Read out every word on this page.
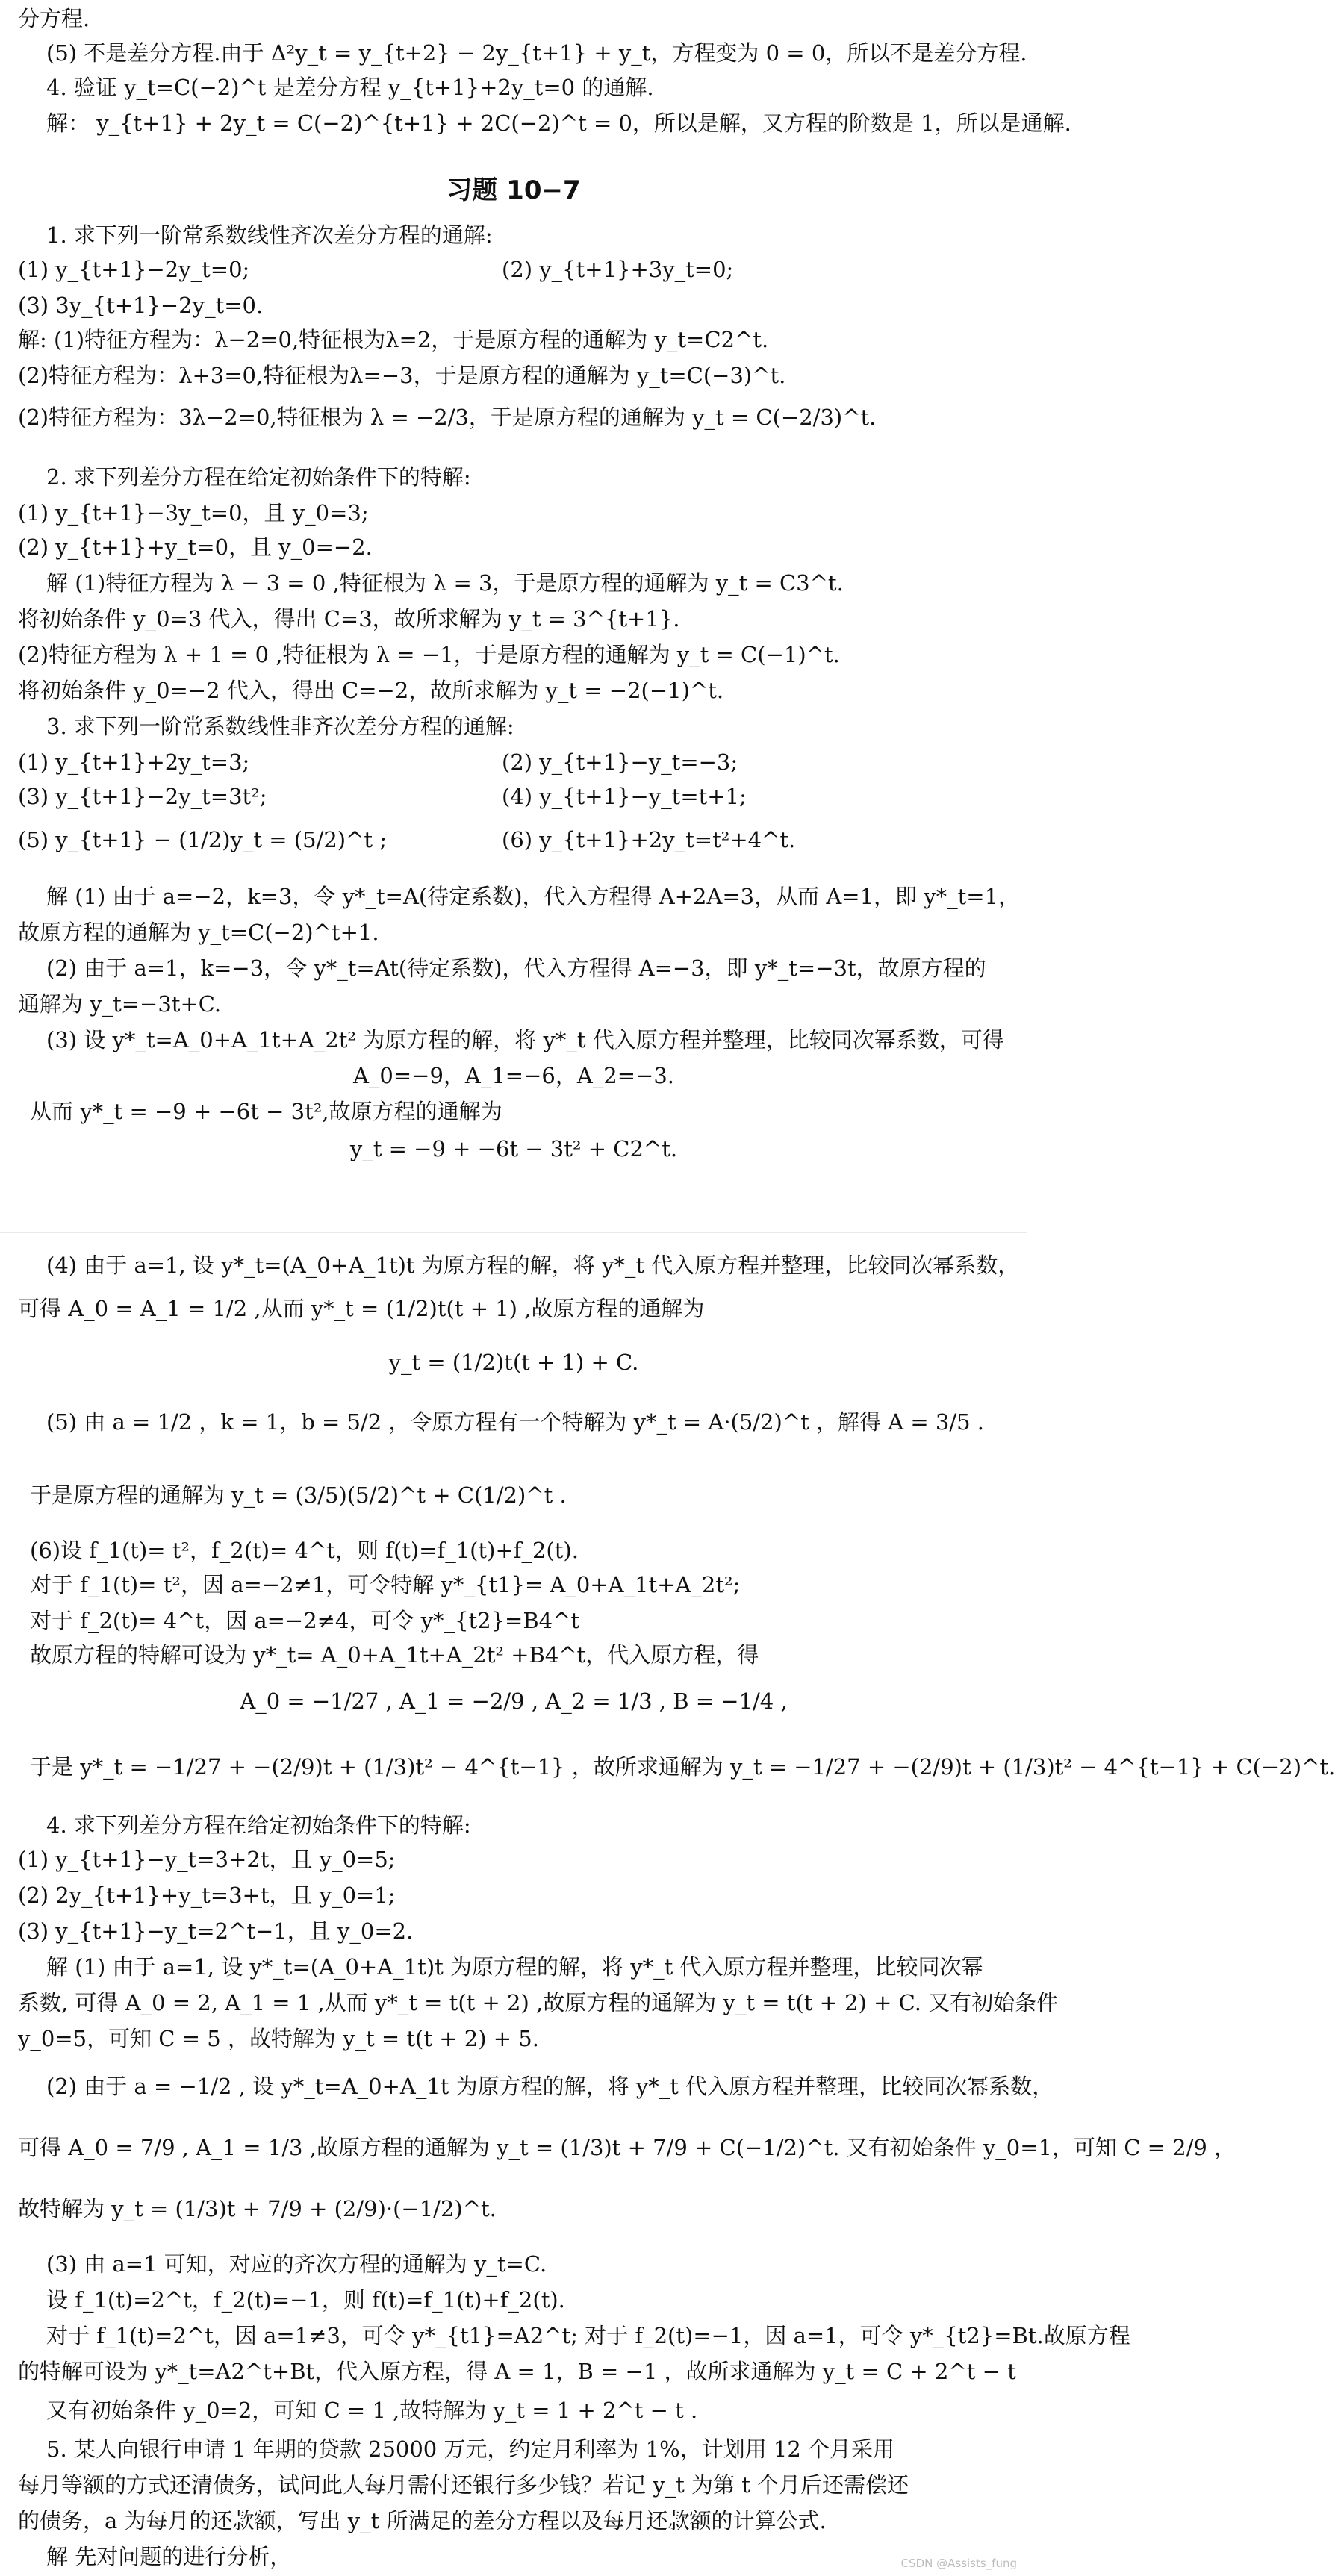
分方程.
(5) 不是差分方程.由于 Δ²y_t = y_{t+2} − 2y_{t+1} + y_t，方程变为 0 = 0，所以不是差分方程.
4. 验证 y_t=C(−2)^t 是差分方程 y_{t+1}+2y_t=0 的通解.
解： y_{t+1} + 2y_t = C(−2)^{t+1} + 2C(−2)^t = 0，所以是解，又方程的阶数是 1，所以是通解.
习题 10−7
1. 求下列一阶常系数线性齐次差分方程的通解:
(1) y_{t+1}−2y_t=0;	(2) y_{t+1}+3y_t=0;
(3) 3y_{t+1}−2y_t=0.
解: (1)特征方程为：λ−2=0,特征根为λ=2，于是原方程的通解为 y_t=C2^t.
(2)特征方程为：λ+3=0,特征根为λ=−3，于是原方程的通解为 y_t=C(−3)^t.
(2)特征方程为：3λ−2=0,特征根为 λ = −2/3，于是原方程的通解为 y_t = C(−2/3)^t.
2. 求下列差分方程在给定初始条件下的特解:
(1) y_{t+1}−3y_t=0，且 y_0=3;
(2) y_{t+1}+y_t=0，且 y_0=−2.
解 (1)特征方程为 λ − 3 = 0 ,特征根为 λ = 3，于是原方程的通解为 y_t = C3^t.
将初始条件 y_0=3 代入，得出 C=3，故所求解为 y_t = 3^{t+1}.
(2)特征方程为 λ + 1 = 0 ,特征根为 λ = −1，于是原方程的通解为 y_t = C(−1)^t.
将初始条件 y_0=−2 代入，得出 C=−2，故所求解为 y_t = −2(−1)^t.
3. 求下列一阶常系数线性非齐次差分方程的通解:
(1) y_{t+1}+2y_t=3;	(2) y_{t+1}−y_t=−3;
(3) y_{t+1}−2y_t=3t²;	(4) y_{t+1}−y_t=t+1;
(5) y_{t+1} − (1/2)y_t = (5/2)^t ;	(6) y_{t+1}+2y_t=t²+4^t.
解 (1) 由于 a=−2，k=3，令 y*_t=A(待定系数)，代入方程得 A+2A=3，从而 A=1，即 y*_t=1，
故原方程的通解为 y_t=C(−2)^t+1.
(2) 由于 a=1，k=−3，令 y*_t=At(待定系数)，代入方程得 A=−3，即 y*_t=−3t，故原方程的
通解为 y_t=−3t+C.
(3) 设 y*_t=A_0+A_1t+A_2t² 为原方程的解，将 y*_t 代入原方程并整理，比较同次幂系数，可得
A_0=−9，A_1=−6，A_2=−3.
从而 y*_t = −9 + −6t − 3t²,故原方程的通解为
y_t = −9 + −6t − 3t² + C2^t.
(4) 由于 a=1, 设 y*_t=(A_0+A_1t)t 为原方程的解，将 y*_t 代入原方程并整理，比较同次幂系数，
可得 A_0 = A_1 = 1/2 ,从而 y*_t = (1/2)t(t + 1) ,故原方程的通解为
y_t = (1/2)t(t + 1) + C.
(5) 由 a = 1/2 ，k = 1，b = 5/2 ，令原方程有一个特解为 y*_t = A·(5/2)^t ，解得 A = 3/5 .
于是原方程的通解为 y_t = (3/5)(5/2)^t + C(1/2)^t .
(6)设 f_1(t)= t²，f_2(t)= 4^t，则 f(t)=f_1(t)+f_2(t).
对于 f_1(t)= t²，因 a=−2≠1，可令特解 y*_{t1}= A_0+A_1t+A_2t²;
对于 f_2(t)= 4^t，因 a=−2≠4，可令 y*_{t2}=B4^t
故原方程的特解可设为 y*_t= A_0+A_1t+A_2t² +B4^t，代入原方程，得
A_0 = −1/27 , A_1 = −2/9 , A_2 = 1/3 , B = −1/4 ,
于是 y*_t = −1/27 + −(2/9)t + (1/3)t² − 4^{t−1} ，故所求通解为 y_t = −1/27 + −(2/9)t + (1/3)t² − 4^{t−1} + C(−2)^t.
4. 求下列差分方程在给定初始条件下的特解:
(1) y_{t+1}−y_t=3+2t，且 y_0=5;
(2) 2y_{t+1}+y_t=3+t，且 y_0=1;
(3) y_{t+1}−y_t=2^t−1，且 y_0=2.
解 (1) 由于 a=1, 设 y*_t=(A_0+A_1t)t 为原方程的解，将 y*_t 代入原方程并整理，比较同次幂
系数, 可得 A_0 = 2, A_1 = 1 ,从而 y*_t = t(t + 2) ,故原方程的通解为 y_t = t(t + 2) + C. 又有初始条件
y_0=5，可知 C = 5 ，故特解为 y_t = t(t + 2) + 5.
(2) 由于 a = −1/2 , 设 y*_t=A_0+A_1t 为原方程的解，将 y*_t 代入原方程并整理，比较同次幂系数，
可得 A_0 = 7/9 , A_1 = 1/3 ,故原方程的通解为 y_t = (1/3)t + 7/9 + C(−1/2)^t. 又有初始条件 y_0=1，可知 C = 2/9 ，
故特解为 y_t = (1/3)t + 7/9 + (2/9)·(−1/2)^t.
(3) 由 a=1 可知，对应的齐次方程的通解为 y_t=C.
设 f_1(t)=2^t，f_2(t)=−1，则 f(t)=f_1(t)+f_2(t).
对于 f_1(t)=2^t，因 a=1≠3，可令 y*_{t1}=A2^t; 对于 f_2(t)=−1，因 a=1，可令 y*_{t2}=Bt.故原方程
的特解可设为 y*_t=A2^t+Bt，代入原方程，得 A = 1，B = −1 ，故所求通解为 y_t = C + 2^t − t
又有初始条件 y_0=2，可知 C = 1 ,故特解为 y_t = 1 + 2^t − t .
5. 某人向银行申请 1 年期的贷款 25000 万元，约定月利率为 1%，计划用 12 个月采用
每月等额的方式还清债务，试问此人每月需付还银行多少钱？若记 y_t 为第 t 个月后还需偿还
的债务，a 为每月的还款额，写出 y_t 所满足的差分方程以及每月还款额的计算公式.
解 先对问题的进行分析，	CSDN @Assists_fung
